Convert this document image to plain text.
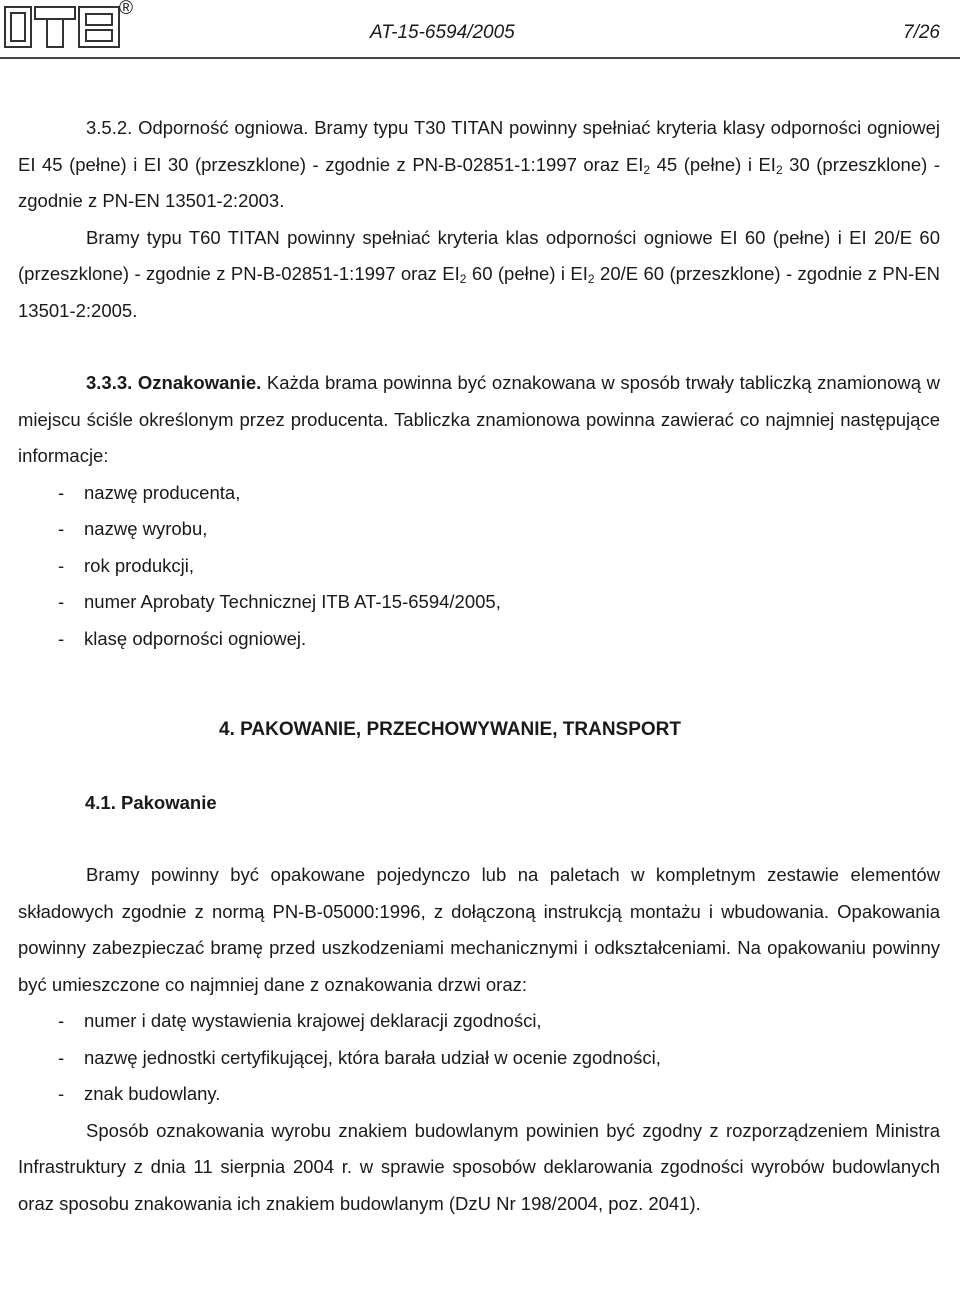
®
AT-15-6594/2005	7/26

3.5.2. Odporność ogniowa. Bramy typu T30 TITAN powinny spełniać kryteria klasy odporności ogniowej EI 45 (pełne) i EI 30 (przeszklone) - zgodnie z PN-B-02851-1:1997 oraz $EI_2$ 45 (pełne) i $EI_2$ 30 (przeszklone) - zgodnie z PN-EN 13501-2:2003.

Bramy typu T60 TITAN powinny spełniać kryteria klas odporności ogniowe EI 60 (pełne) i EI 20/E 60 (przeszklone) - zgodnie z PN-B-02851-1:1997 oraz $EI_2$ 60 (pełne) i $EI_2$ 20/E 60 (przeszklone) - zgodnie z PN-EN 13501-2:2005.

3.3.3. Oznakowanie. Każda brama powinna być oznakowana w sposób trwały tabliczką znamionową w miejscu ściśle określonym przez producenta. Tabliczka znamionowa powinna zawierać co najmniej następujące informacje:

- nazwę producenta,
- nazwę wyrobu,
- rok produkcji,
- numer Aprobaty Technicznej ITB AT-15-6594/2005,
- klasę odporności ogniowej.

4. PAKOWANIE, PRZECHOWYWANIE, TRANSPORT

4.1. Pakowanie

Bramy powinny być opakowane pojedynczo lub na paletach w kompletnym zestawie elementów składowych zgodnie z normą PN-B-05000:1996, z dołączoną instrukcją montażu i wbudowania. Opakowania powinny zabezpieczać bramę przed uszkodzeniami mechanicznymi i odkształceniami. Na opakowaniu powinny być umieszczone co najmniej dane z oznakowania drzwi oraz:

- numer i datę wystawienia krajowej deklaracji zgodności,
- nazwę jednostki certyfikującej, która barała udział w ocenie zgodności,
- znak budowlany.

Sposób oznakowania wyrobu znakiem budowlanym powinien być zgodny z rozporządzeniem Ministra Infrastruktury z dnia 11 sierpnia 2004 r. w sprawie sposobów deklarowania zgodności wyrobów budowlanych oraz sposobu znakowania ich znakiem budowlanym (DzU Nr 198/2004, poz. 2041).
